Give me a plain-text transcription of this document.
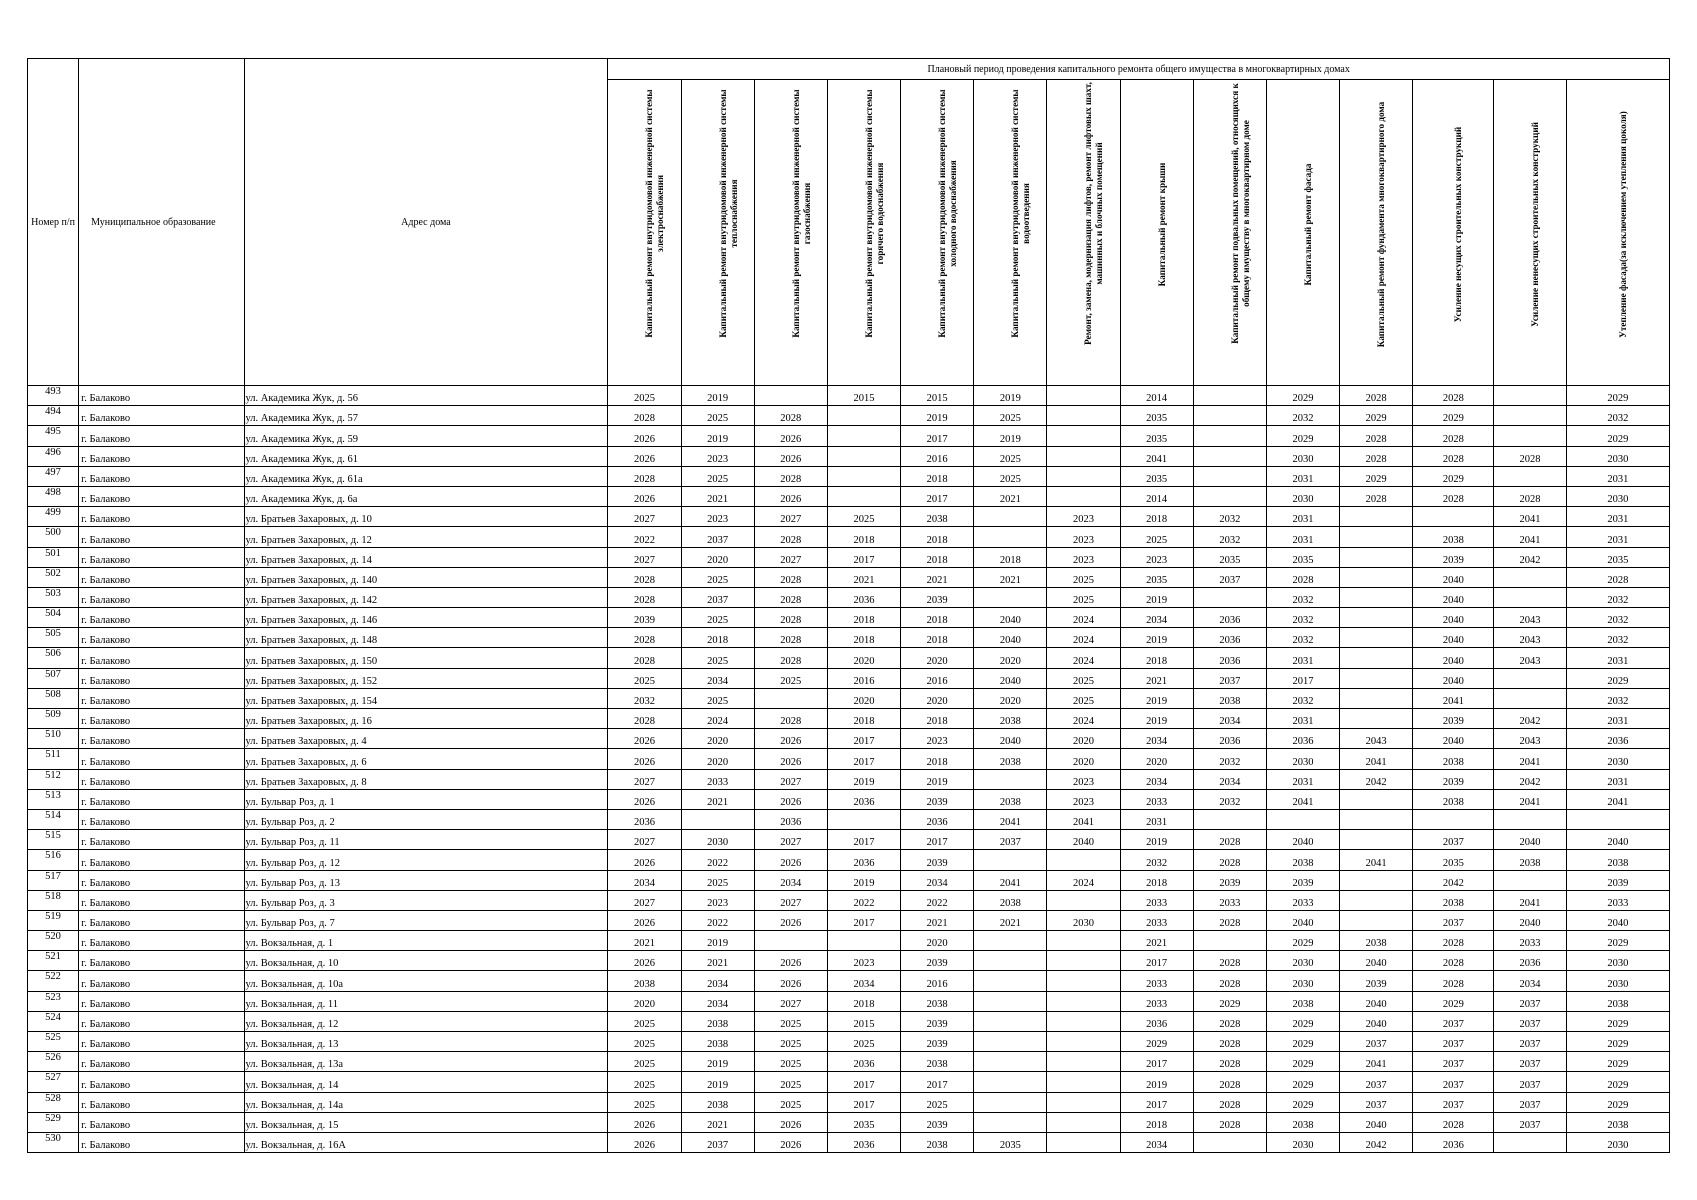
Номер п/п	Муниципальное образование	Адрес дома	Плановый период проведения капитального ремонта общего имущества в многоквартирных домах													

			Капитальный ремонт внутридомовой инженерной системы электроснабжения	Капитальный ремонт внутридомовой инженерной системы теплоснабжения	Капитальный ремонт внутридомовой инженерной системы газоснабжения	Капитальный ремонт внутридомовой инженерной системы горячего водоснабжения	Капитальный ремонт внутридомовой инженерной системы холодного водоснабжения	Капитальный ремонт внутридомовой инженерной системы водоотведения	Ремонт, замена, модернизация лифтов, ремонт лифтовых шахт, машинных и блочных помещений	Капитальный ремонт крыши	Капитальный ремонт подвальных помещений, относящихся к общему имуществу в многоквартирном доме	Капитальный ремонт фасада	Капитальный ремонт фундамента многоквартирного дома	Усиление несущих строительных конструкций	Усиление ненесущих строительных конструкций	Утепление фасада(за исключением утепления цоколя)

493	г. Балаково	ул. Академика Жук, д. 56	2025	2019		2015	2015	2019		2014		2029	2028	2028		2029
494	г. Балаково	ул. Академика Жук, д. 57	2028	2025	2028		2019	2025		2035		2032	2029	2029		2032
495	г. Балаково	ул. Академика Жук, д. 59	2026	2019	2026		2017	2019		2035		2029	2028	2028		2029
496	г. Балаково	ул. Академика Жук, д. 61	2026	2023	2026		2016	2025		2041		2030	2028	2028	2028	2030
497	г. Балаково	ул. Академика Жук, д. 61а	2028	2025	2028		2018	2025		2035		2031	2029	2029		2031
498	г. Балаково	ул. Академика Жук, д. 6а	2026	2021	2026		2017	2021		2014		2030	2028	2028	2028	2030
499	г. Балаково	ул. Братьев Захаровых, д. 10	2027	2023	2027	2025	2038		2023	2018	2032	2031			2041	2031
500	г. Балаково	ул. Братьев Захаровых, д. 12	2022	2037	2028	2018	2018		2023	2025	2032	2031		2038	2041	2031
501	г. Балаково	ул. Братьев Захаровых, д. 14	2027	2020	2027	2017	2018	2018	2023	2023	2035	2035		2039	2042	2035
502	г. Балаково	ул. Братьев Захаровых, д. 140	2028	2025	2028	2021	2021	2021	2025	2035	2037	2028		2040		2028
503	г. Балаково	ул. Братьев Захаровых, д. 142	2028	2037	2028	2036	2039		2025	2019		2032		2040		2032
504	г. Балаково	ул. Братьев Захаровых, д. 146	2039	2025	2028	2018	2018	2040	2024	2034	2036	2032		2040	2043	2032
505	г. Балаково	ул. Братьев Захаровых, д. 148	2028	2018	2028	2018	2018	2040	2024	2019	2036	2032		2040	2043	2032
506	г. Балаково	ул. Братьев Захаровых, д. 150	2028	2025	2028	2020	2020	2020	2024	2018	2036	2031		2040	2043	2031
507	г. Балаково	ул. Братьев Захаровых, д. 152	2025	2034	2025	2016	2016	2040	2025	2021	2037	2017		2040		2029
508	г. Балаково	ул. Братьев Захаровых, д. 154	2032	2025		2020	2020	2020	2025	2019	2038	2032		2041		2032
509	г. Балаково	ул. Братьев Захаровых, д. 16	2028	2024	2028	2018	2018	2038	2024	2019	2034	2031		2039	2042	2031
510	г. Балаково	ул. Братьев Захаровых, д. 4	2026	2020	2026	2017	2023	2040	2020	2034	2036	2036	2043	2040	2043	2036
511	г. Балаково	ул. Братьев Захаровых, д. 6	2026	2020	2026	2017	2018	2038	2020	2020	2032	2030	2041	2038	2041	2030
512	г. Балаково	ул. Братьев Захаровых, д. 8	2027	2033	2027	2019	2019		2023	2034	2034	2031	2042	2039	2042	2031
513	г. Балаково	ул. Бульвар Роз, д. 1	2026	2021	2026	2036	2039	2038	2023	2033	2032	2041		2038	2041	2041
514	г. Балаково	ул. Бульвар Роз, д. 2	2036		2036		2036	2041	2041	2031						
515	г. Балаково	ул. Бульвар Роз, д. 11	2027	2030	2027	2017	2017	2037	2040	2019	2028	2040		2037	2040	2040
516	г. Балаково	ул. Бульвар Роз, д. 12	2026	2022	2026	2036	2039			2032	2028	2038	2041	2035	2038	2038
517	г. Балаково	ул. Бульвар Роз, д. 13	2034	2025	2034	2019	2034	2041	2024	2018	2039	2039		2042		2039
518	г. Балаково	ул. Бульвар Роз, д. 3	2027	2023	2027	2022	2022	2038		2033	2033	2033		2038	2041	2033
519	г. Балаково	ул. Бульвар Роз, д. 7	2026	2022	2026	2017	2021	2021	2030	2033	2028	2040		2037	2040	2040
520	г. Балаково	ул. Вокзальная, д. 1	2021	2019			2020			2021		2029	2038	2028	2033	2029
521	г. Балаково	ул. Вокзальная, д. 10	2026	2021	2026	2023	2039			2017	2028	2030	2040	2028	2036	2030
522	г. Балаково	ул. Вокзальная, д. 10а	2038	2034	2026	2034	2016			2033	2028	2030	2039	2028	2034	2030
523	г. Балаково	ул. Вокзальная, д. 11	2020	2034	2027	2018	2038			2033	2029	2038	2040	2029	2037	2038
524	г. Балаково	ул. Вокзальная, д. 12	2025	2038	2025	2015	2039			2036	2028	2029	2040	2037	2037	2029
525	г. Балаково	ул. Вокзальная, д. 13	2025	2038	2025	2025	2039			2029	2028	2029	2037	2037	2037	2029
526	г. Балаково	ул. Вокзальная, д. 13а	2025	2019	2025	2036	2038			2017	2028	2029	2041	2037	2037	2029
527	г. Балаково	ул. Вокзальная, д. 14	2025	2019	2025	2017	2017			2019	2028	2029	2037	2037	2037	2029
528	г. Балаково	ул. Вокзальная, д. 14а	2025	2038	2025	2017	2025			2017	2028	2029	2037	2037	2037	2029
529	г. Балаково	ул. Вокзальная, д. 15	2026	2021	2026	2035	2039			2018	2028	2038	2040	2028	2037	2038
530	г. Балаково	ул. Вокзальная, д. 16А	2026	2037	2026	2036	2038	2035		2034		2030	2042	2036		2030
